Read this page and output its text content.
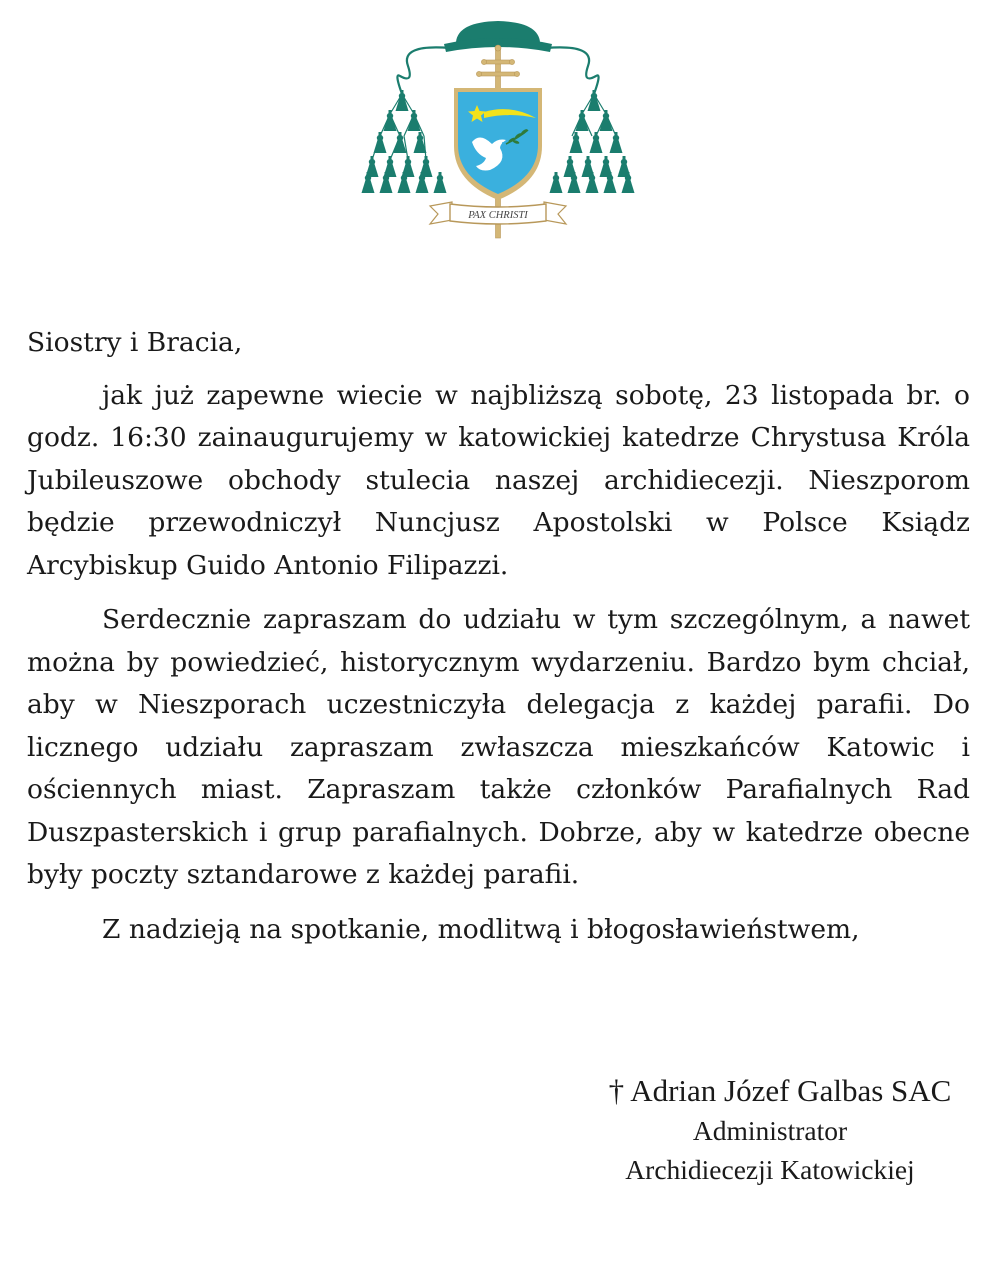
PAX CHRISTI

Siostry i Bracia,

jak już zapewne wiecie w najbliższą sobotę, 23 listopada br. o godz. 16:30 zainaugurujemy w katowickiej katedrze Chrystusa Króla Jubileuszowe obchody stulecia naszej archidiecezji. Nieszporom będzie przewodniczył Nuncjusz Apostolski w Polsce Ksiądz Arcybiskup Guido Antonio Filipazzi.

Serdecznie zapraszam do udziału w tym szczególnym, a nawet można by powiedzieć, historycznym wydarzeniu. Bardzo bym chciał, aby w Nieszporach uczestniczyła delegacja z każdej parafii. Do licznego udziału zapraszam zwłaszcza mieszkańców Katowic i ościennych miast. Zapraszam także członków Parafialnych Rad Duszpasterskich i grup parafialnych. Dobrze, aby w katedrze obecne były poczty sztandarowe z każdej parafii.

Z nadzieją na spotkanie, modlitwą i błogosławieństwem,

† Adrian Józef Galbas SAC

Administrator

Archidiecezji Katowickiej
